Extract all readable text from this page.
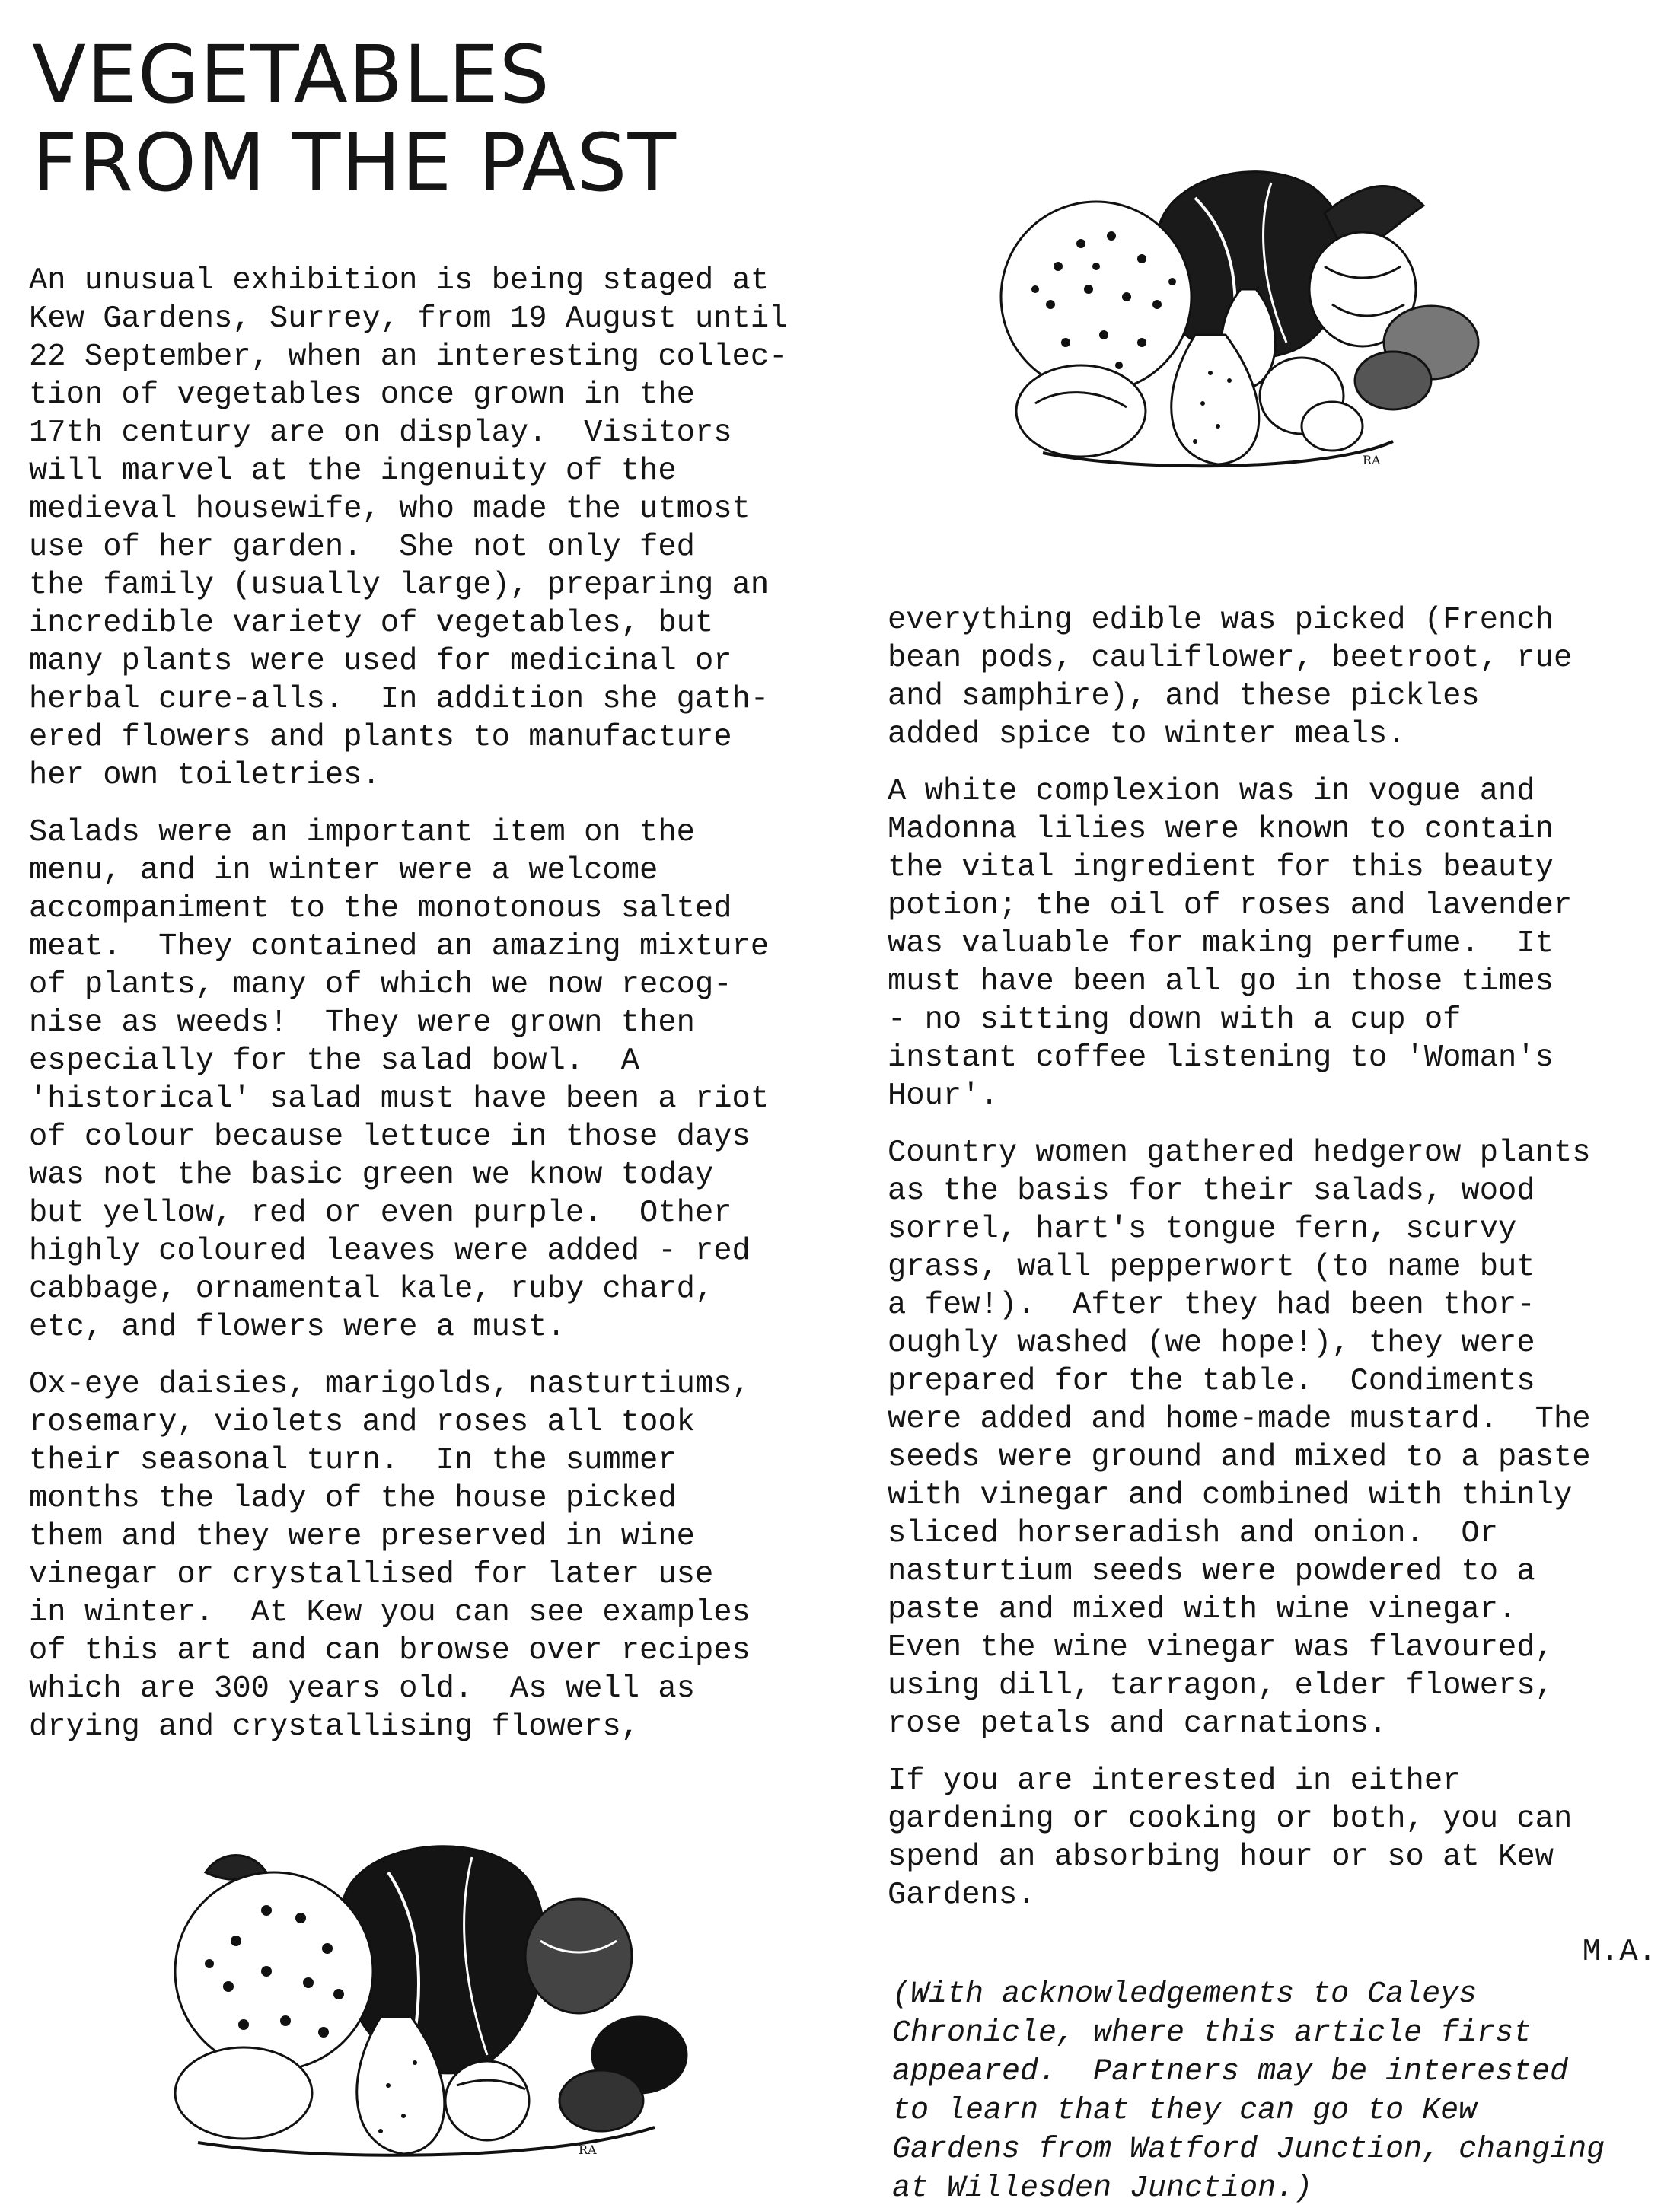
VEGETABLES
FROM THE PAST

An unusual exhibition is being staged at
Kew Gardens, Surrey, from 19 August until
22 September, when an interesting collec-
tion of vegetables once grown in the
17th century are on display.  Visitors
will marvel at the ingenuity of the
medieval housewife, who made the utmost
use of her garden.  She not only fed
the family (usually large), preparing an
incredible variety of vegetables, but
many plants were used for medicinal or
herbal cure-alls.  In addition she gath-
ered flowers and plants to manufacture
her own toiletries.

Salads were an important item on the
menu, and in winter were a welcome
accompaniment to the monotonous salted
meat.  They contained an amazing mixture
of plants, many of which we now recog-
nise as weeds!  They were grown then
especially for the salad bowl.  A
'historical' salad must have been a riot
of colour because lettuce in those days
was not the basic green we know today
but yellow, red or even purple.  Other
highly coloured leaves were added - red
cabbage, ornamental kale, ruby chard,
etc, and flowers were a must.

Ox-eye daisies, marigolds, nasturtiums,
rosemary, violets and roses all took
their seasonal turn.  In the summer
months the lady of the house picked
them and they were preserved in wine
vinegar or crystallised for later use
in winter.  At Kew you can see examples
of this art and can browse over recipes
which are 300 years old.  As well as
drying and crystallising flowers,

everything edible was picked (French
bean pods, cauliflower, beetroot, rue
and samphire), and these pickles
added spice to winter meals.

A white complexion was in vogue and
Madonna lilies were known to contain
the vital ingredient for this beauty
potion; the oil of roses and lavender
was valuable for making perfume.  It
must have been all go in those times
- no sitting down with a cup of
instant coffee listening to 'Woman's
Hour'.

Country women gathered hedgerow plants
as the basis for their salads, wood
sorrel, hart's tongue fern, scurvy
grass, wall pepperwort (to name but
a few!).  After they had been thor-
oughly washed (we hope!), they were
prepared for the table.  Condiments
were added and home-made mustard.  The
seeds were ground and mixed to a paste
with vinegar and combined with thinly
sliced horseradish and onion.  Or
nasturtium seeds were powdered to a
paste and mixed with wine vinegar.
Even the wine vinegar was flavoured,
using dill, tarragon, elder flowers,
rose petals and carnations.

If you are interested in either
gardening or cooking or both, you can
spend an absorbing hour or so at Kew
Gardens.

M.A.

(With acknowledgements to Caleys
Chronicle, where this article first
appeared.  Partners may be interested
to learn that they can go to Kew
Gardens from Watford Junction, changing
at Willesden Junction.)

RA
RA
